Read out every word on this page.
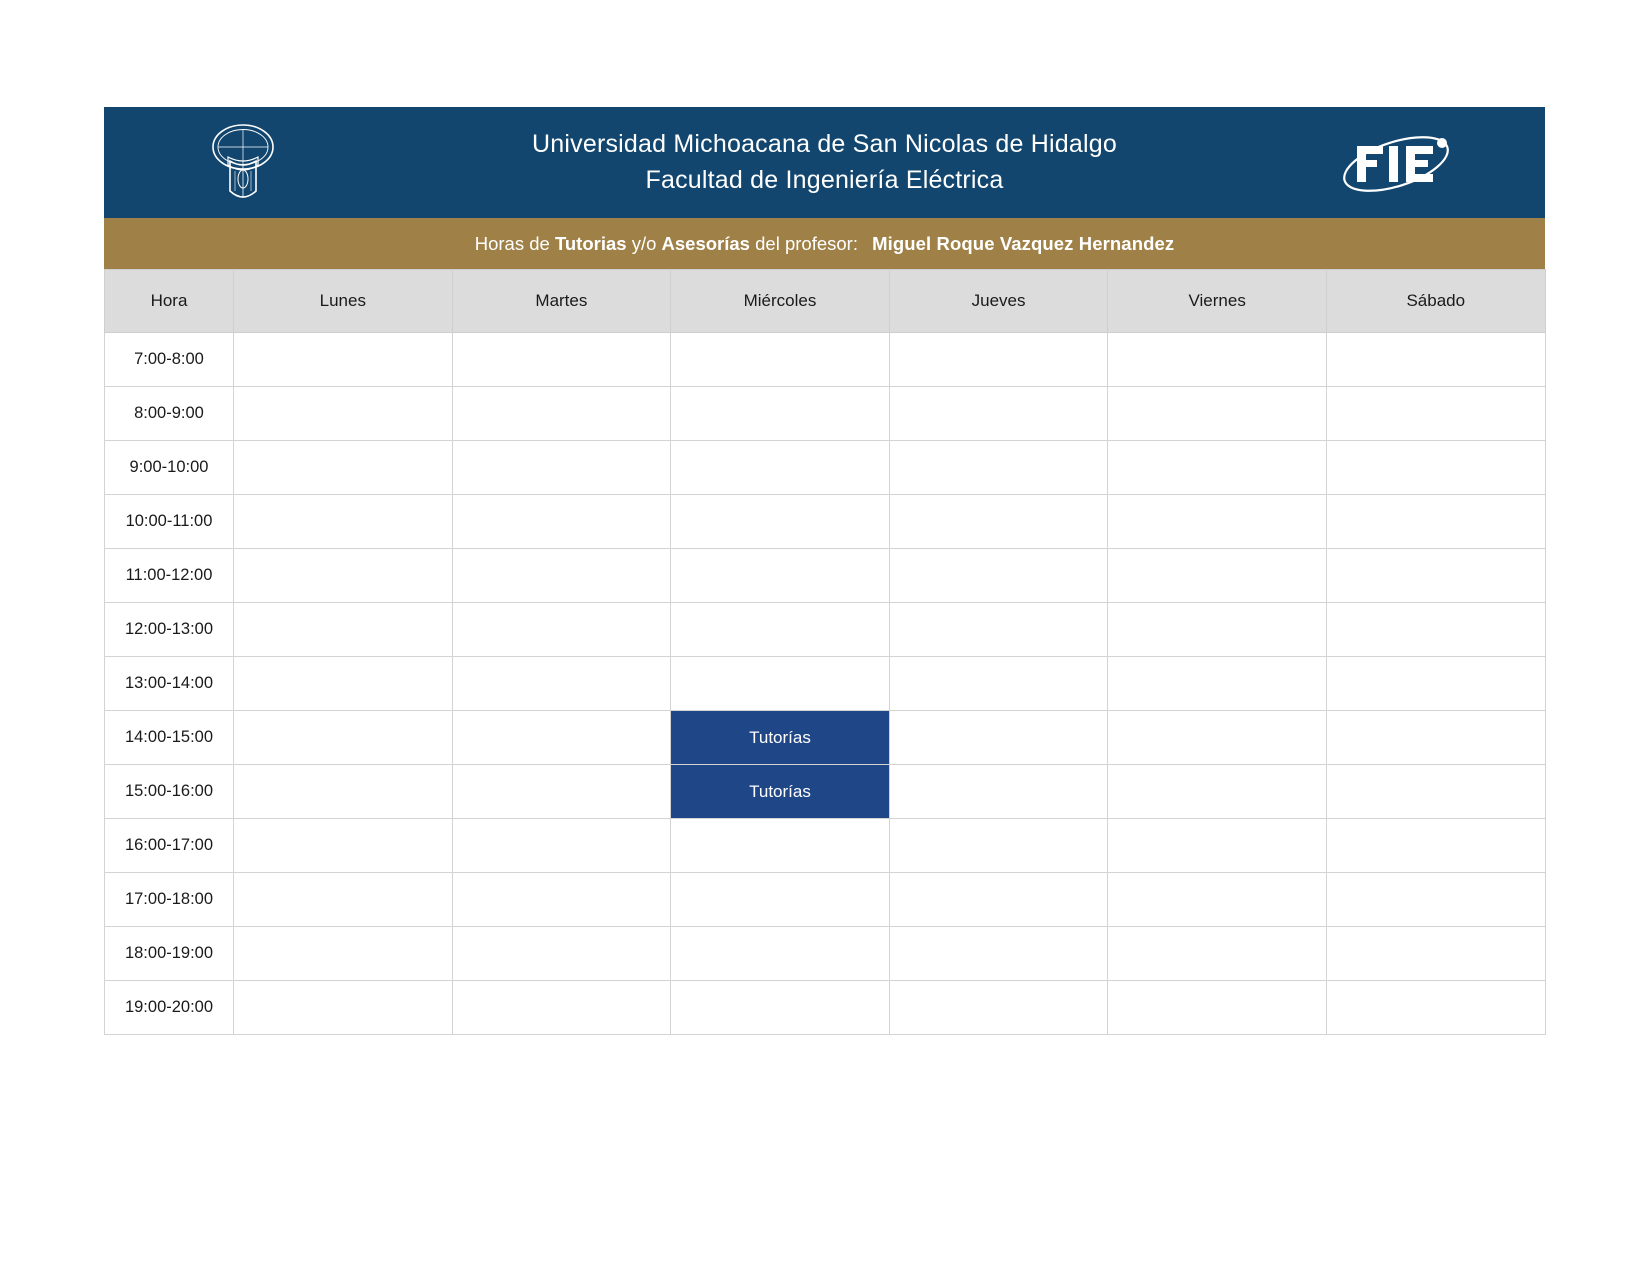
Universidad Michoacana de San Nicolas de Hidalgo
Facultad de Ingeniería Eléctrica
Horas de Tutorias y/o Asesorías del profesor: Miguel Roque Vazquez Hernandez
Hora	Lunes	Martes	Miércoles	Jueves	Viernes	Sábado
7:00-8:00						
8:00-9:00						
9:00-10:00						
10:00-11:00						
11:00-12:00						
12:00-13:00						
13:00-14:00						
14:00-15:00			Tutorías			
15:00-16:00			Tutorías			
16:00-17:00						
17:00-18:00						
18:00-19:00						
19:00-20:00						
